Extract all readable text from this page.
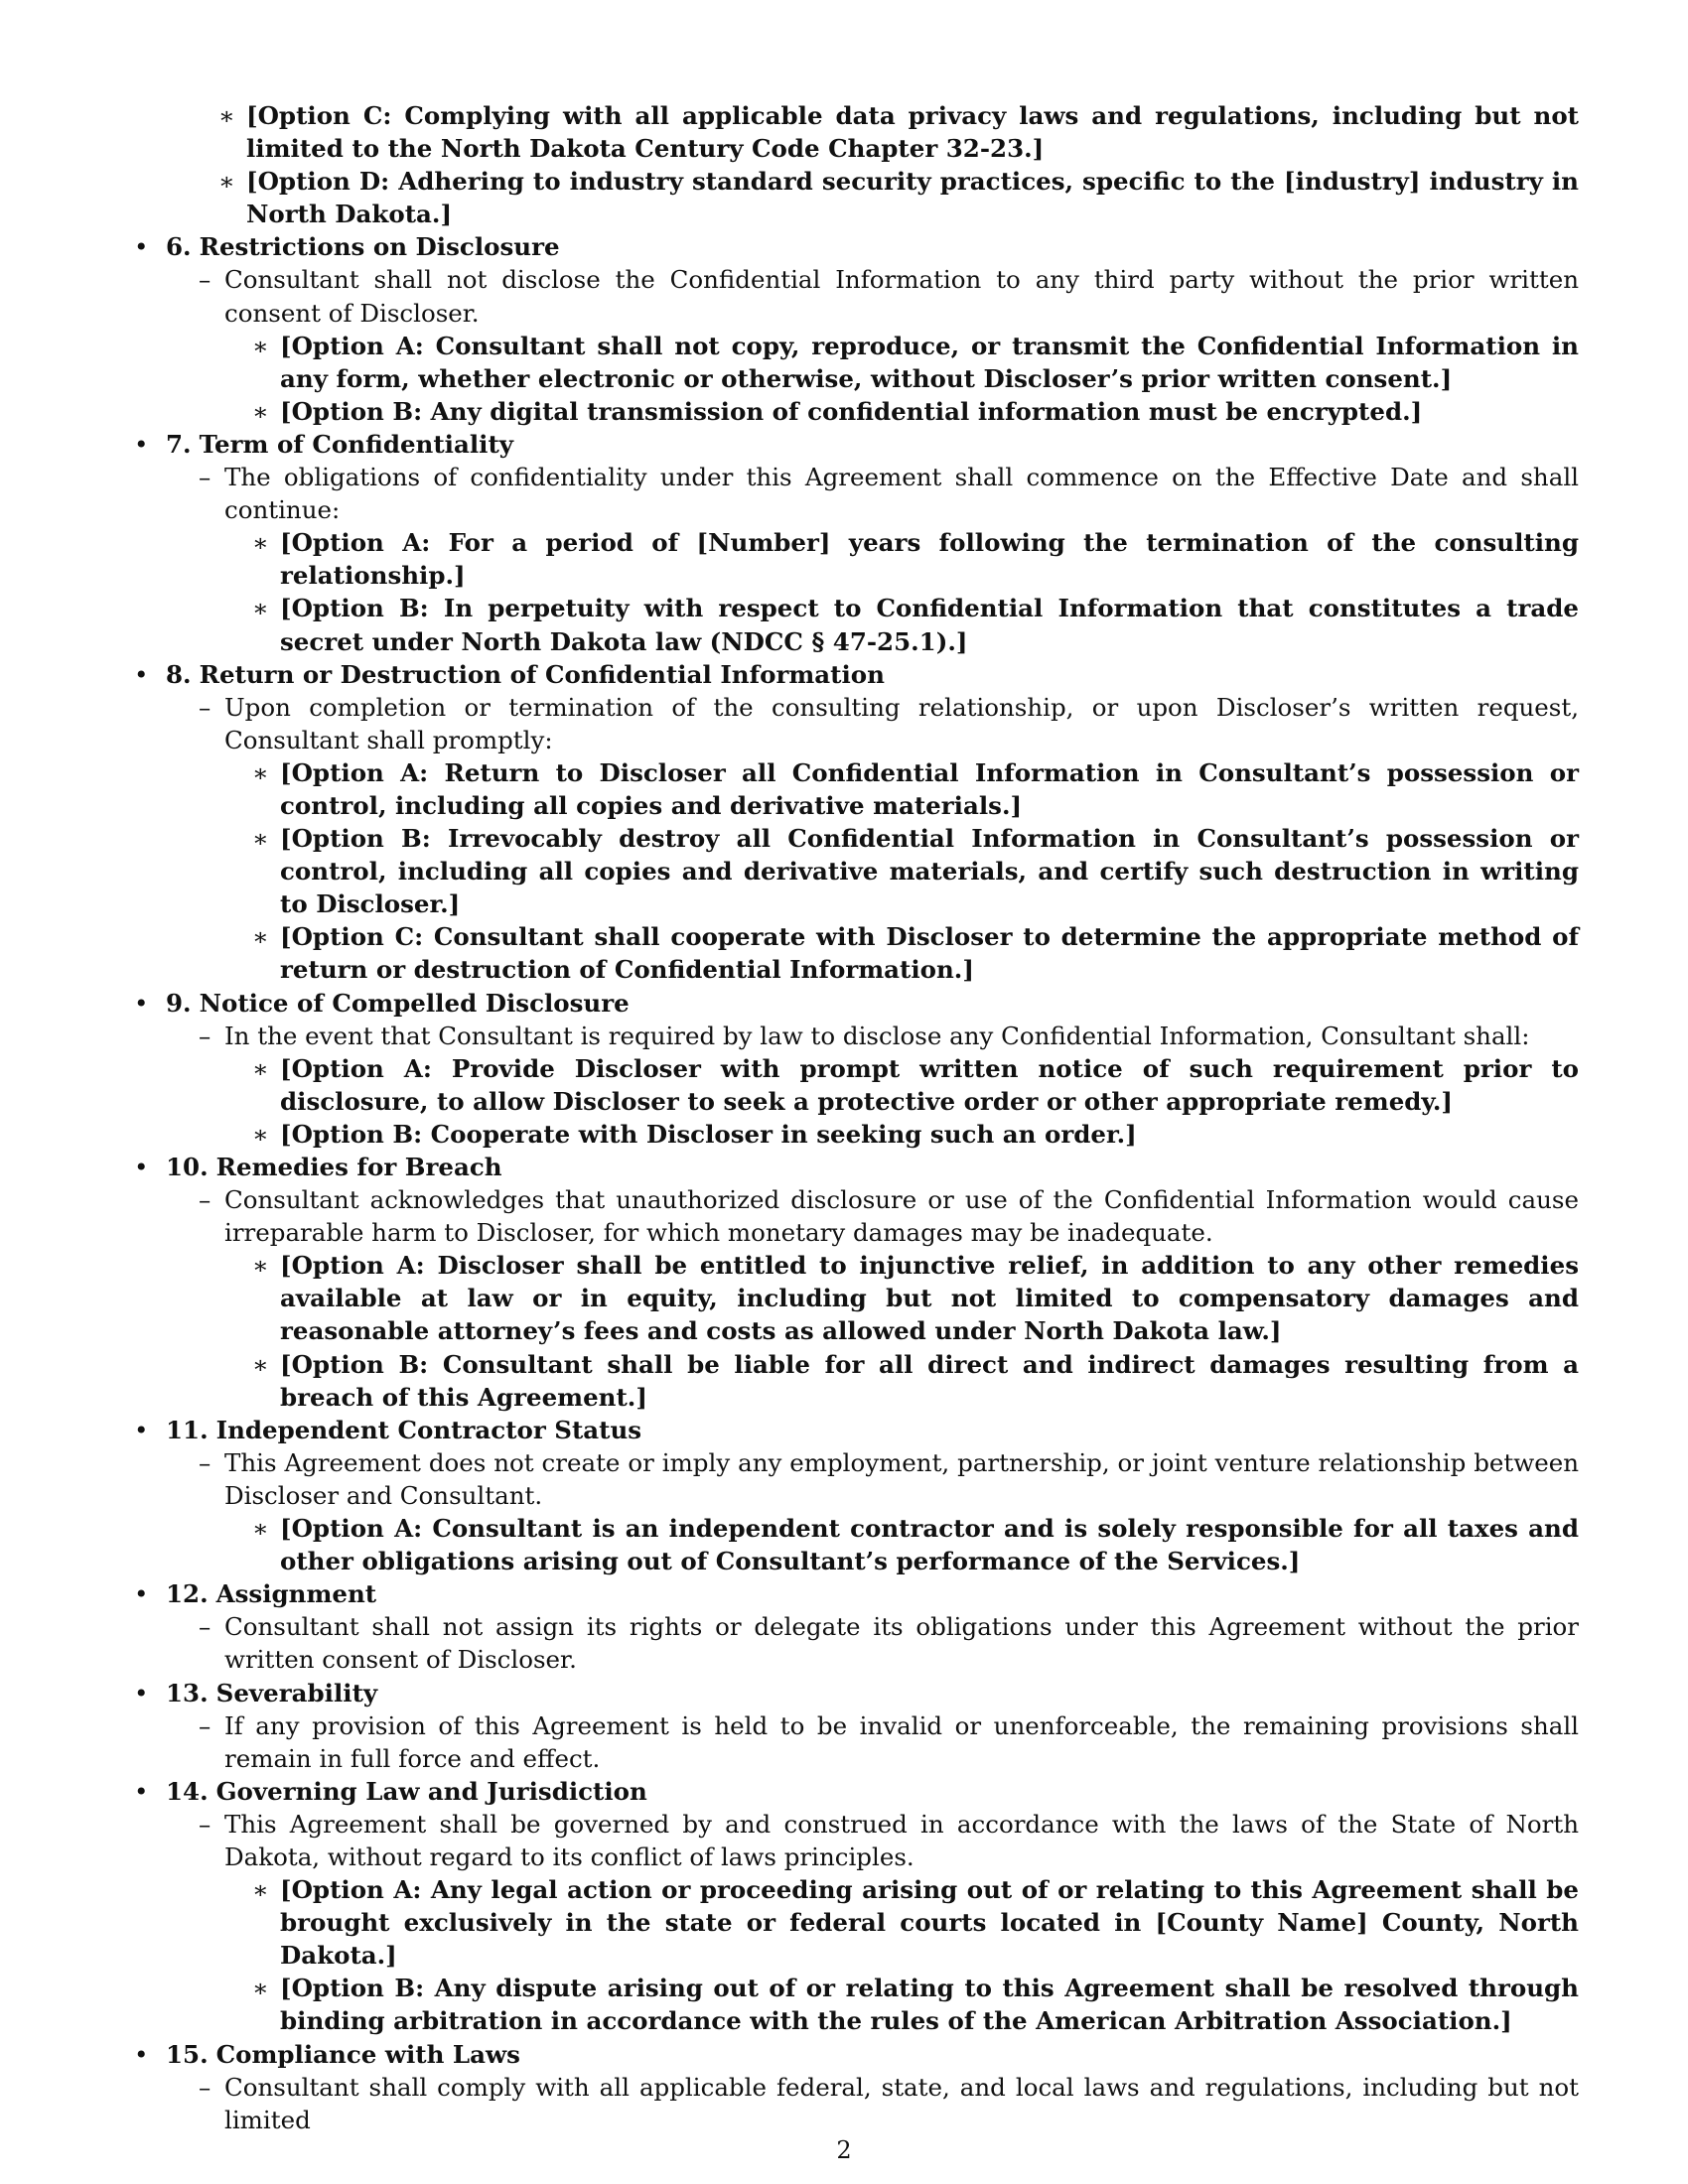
∗ [Option C: Complying with all applicable data privacy laws and regulations, including but not limited to the North Dakota Century Code Chapter 32-23.]
∗ [Option D: Adhering to industry standard security practices, specific to the [industry] industry in North Dakota.]
• 6. Restrictions on Disclosure
– Consultant shall not disclose the Confidential Information to any third party without the prior written consent of Discloser.
∗ [Option A: Consultant shall not copy, reproduce, or transmit the Confidential Information in any form, whether electronic or otherwise, without Discloser’s prior written consent.]
∗ [Option B: Any digital transmission of confidential information must be encrypted.]
• 7. Term of Confidentiality
– The obligations of confidentiality under this Agreement shall commence on the Effective Date and shall continue:
∗ [Option A: For a period of [Number] years following the termination of the consulting relationship.]
∗ [Option B: In perpetuity with respect to Confidential Information that constitutes a trade secret under North Dakota law (NDCC § 47-25.1).]
• 8. Return or Destruction of Confidential Information
– Upon completion or termination of the consulting relationship, or upon Discloser’s written request, Consultant shall promptly:
∗ [Option A: Return to Discloser all Confidential Information in Consultant’s possession or control, including all copies and derivative materials.]
∗ [Option B: Irrevocably destroy all Confidential Information in Consultant’s possession or control, including all copies and derivative materials, and certify such destruction in writing to Discloser.]
∗ [Option C: Consultant shall cooperate with Discloser to determine the appropriate method of return or destruction of Confidential Information.]
• 9. Notice of Compelled Disclosure
– In the event that Consultant is required by law to disclose any Confidential Information, Consultant shall:
∗ [Option A: Provide Discloser with prompt written notice of such requirement prior to disclosure, to allow Discloser to seek a protective order or other appropriate remedy.]
∗ [Option B: Cooperate with Discloser in seeking such an order.]
• 10. Remedies for Breach
– Consultant acknowledges that unauthorized disclosure or use of the Confidential Information would cause irreparable harm to Discloser, for which monetary damages may be inadequate.
∗ [Option A: Discloser shall be entitled to injunctive relief, in addition to any other remedies available at law or in equity, including but not limited to compensatory damages and reasonable attorney’s fees and costs as allowed under North Dakota law.]
∗ [Option B: Consultant shall be liable for all direct and indirect damages resulting from a breach of this Agreement.]
• 11. Independent Contractor Status
– This Agreement does not create or imply any employment, partnership, or joint venture relationship between Discloser and Consultant.
∗ [Option A: Consultant is an independent contractor and is solely responsible for all taxes and other obligations arising out of Consultant’s performance of the Services.]
• 12. Assignment
– Consultant shall not assign its rights or delegate its obligations under this Agreement without the prior written consent of Discloser.
• 13. Severability
– If any provision of this Agreement is held to be invalid or unenforceable, the remaining provisions shall remain in full force and effect.
• 14. Governing Law and Jurisdiction
– This Agreement shall be governed by and construed in accordance with the laws of the State of North Dakota, without regard to its conflict of laws principles.
∗ [Option A: Any legal action or proceeding arising out of or relating to this Agreement shall be brought exclusively in the state or federal courts located in [County Name] County, North Dakota.]
∗ [Option B: Any dispute arising out of or relating to this Agreement shall be resolved through binding arbitration in accordance with the rules of the American Arbitration Association.]
• 15. Compliance with Laws
– Consultant shall comply with all applicable federal, state, and local laws and regulations, including but not limited
2
